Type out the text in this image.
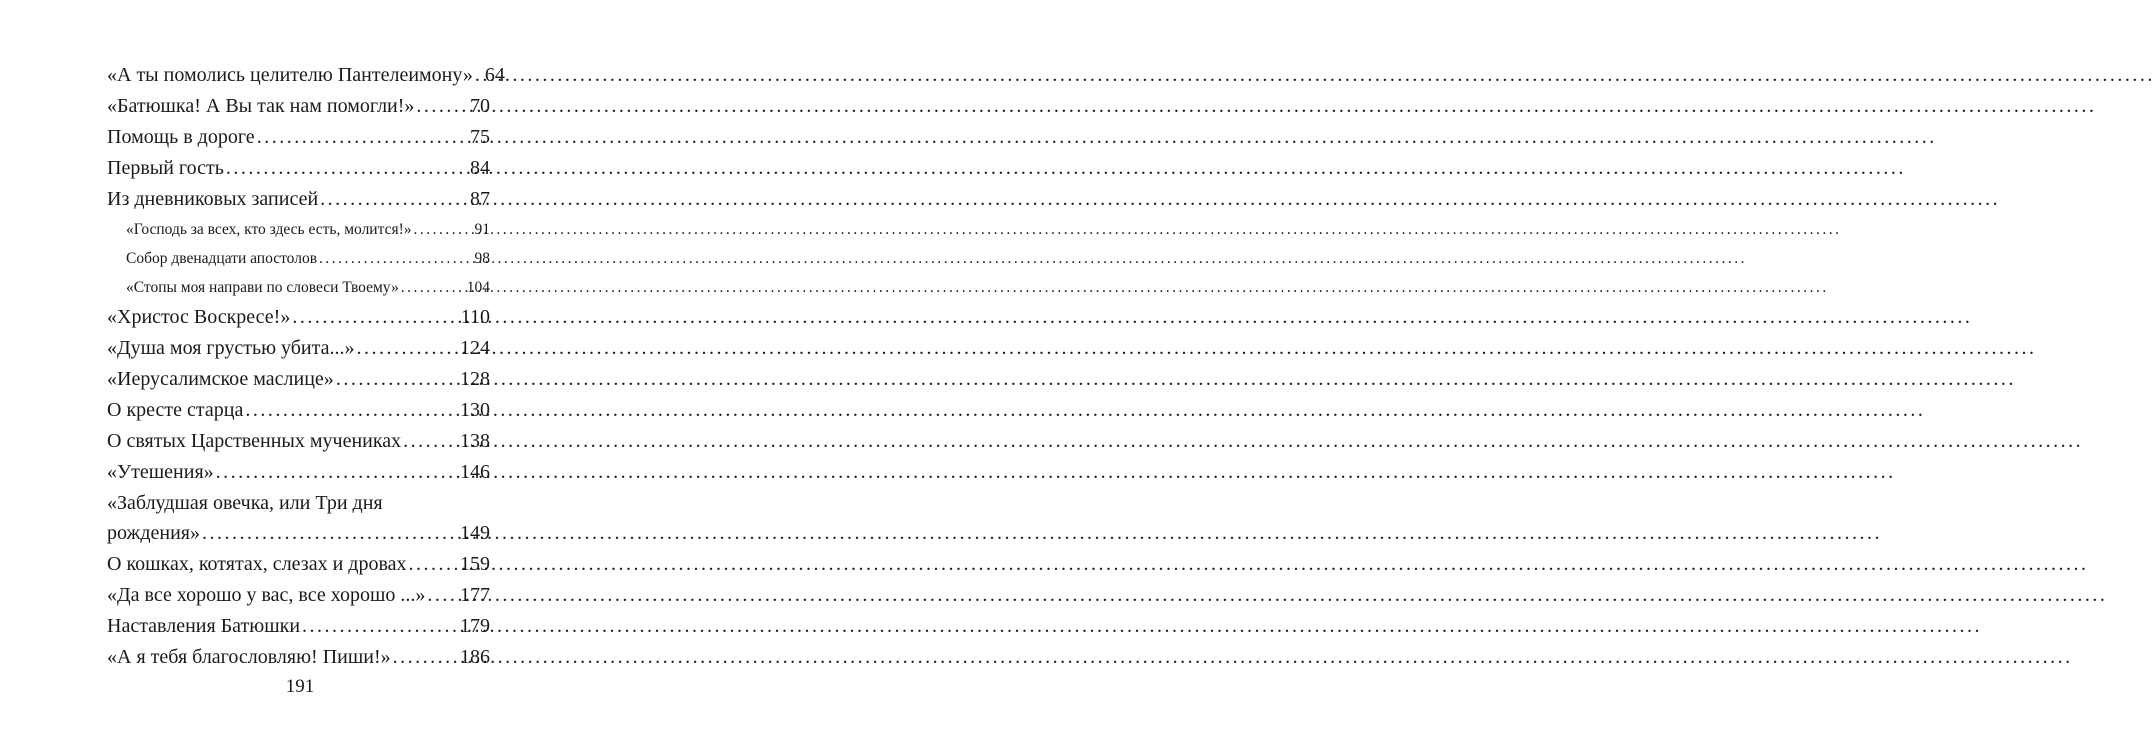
«А ты помолись целителю Пантелеимону» ..... 64
«Батюшка! А Вы так нам помогли!» .....	70
Помощь в дороге .....	75
Первый гость .....	84
Из дневниковых записей .....	87
«Господь за всех, кто здесь есть, молится!» .....	91
Собор двенадцати апостолов .....	98
«Стопы моя направи по словеси Твоему» .....	104
«Христос Воскресе!» .....	110
«Душа моя грустью убита...» .....	124
«Иерусалимское маслице» .....	128
О кресте старца .....	130
О святых Царственных мучениках .....	138
«Утешения» .....	146
«Заблудшая овечка, или Три дня
рождения» .....	149
О кошках, котятах, слезах и дровах .....	159
«Да все хорошо у вас, все хорошо ...» ..... 177
Наставления Батюшки .....	179
«А я тебя благословляю! Пиши!» .....	186
191
